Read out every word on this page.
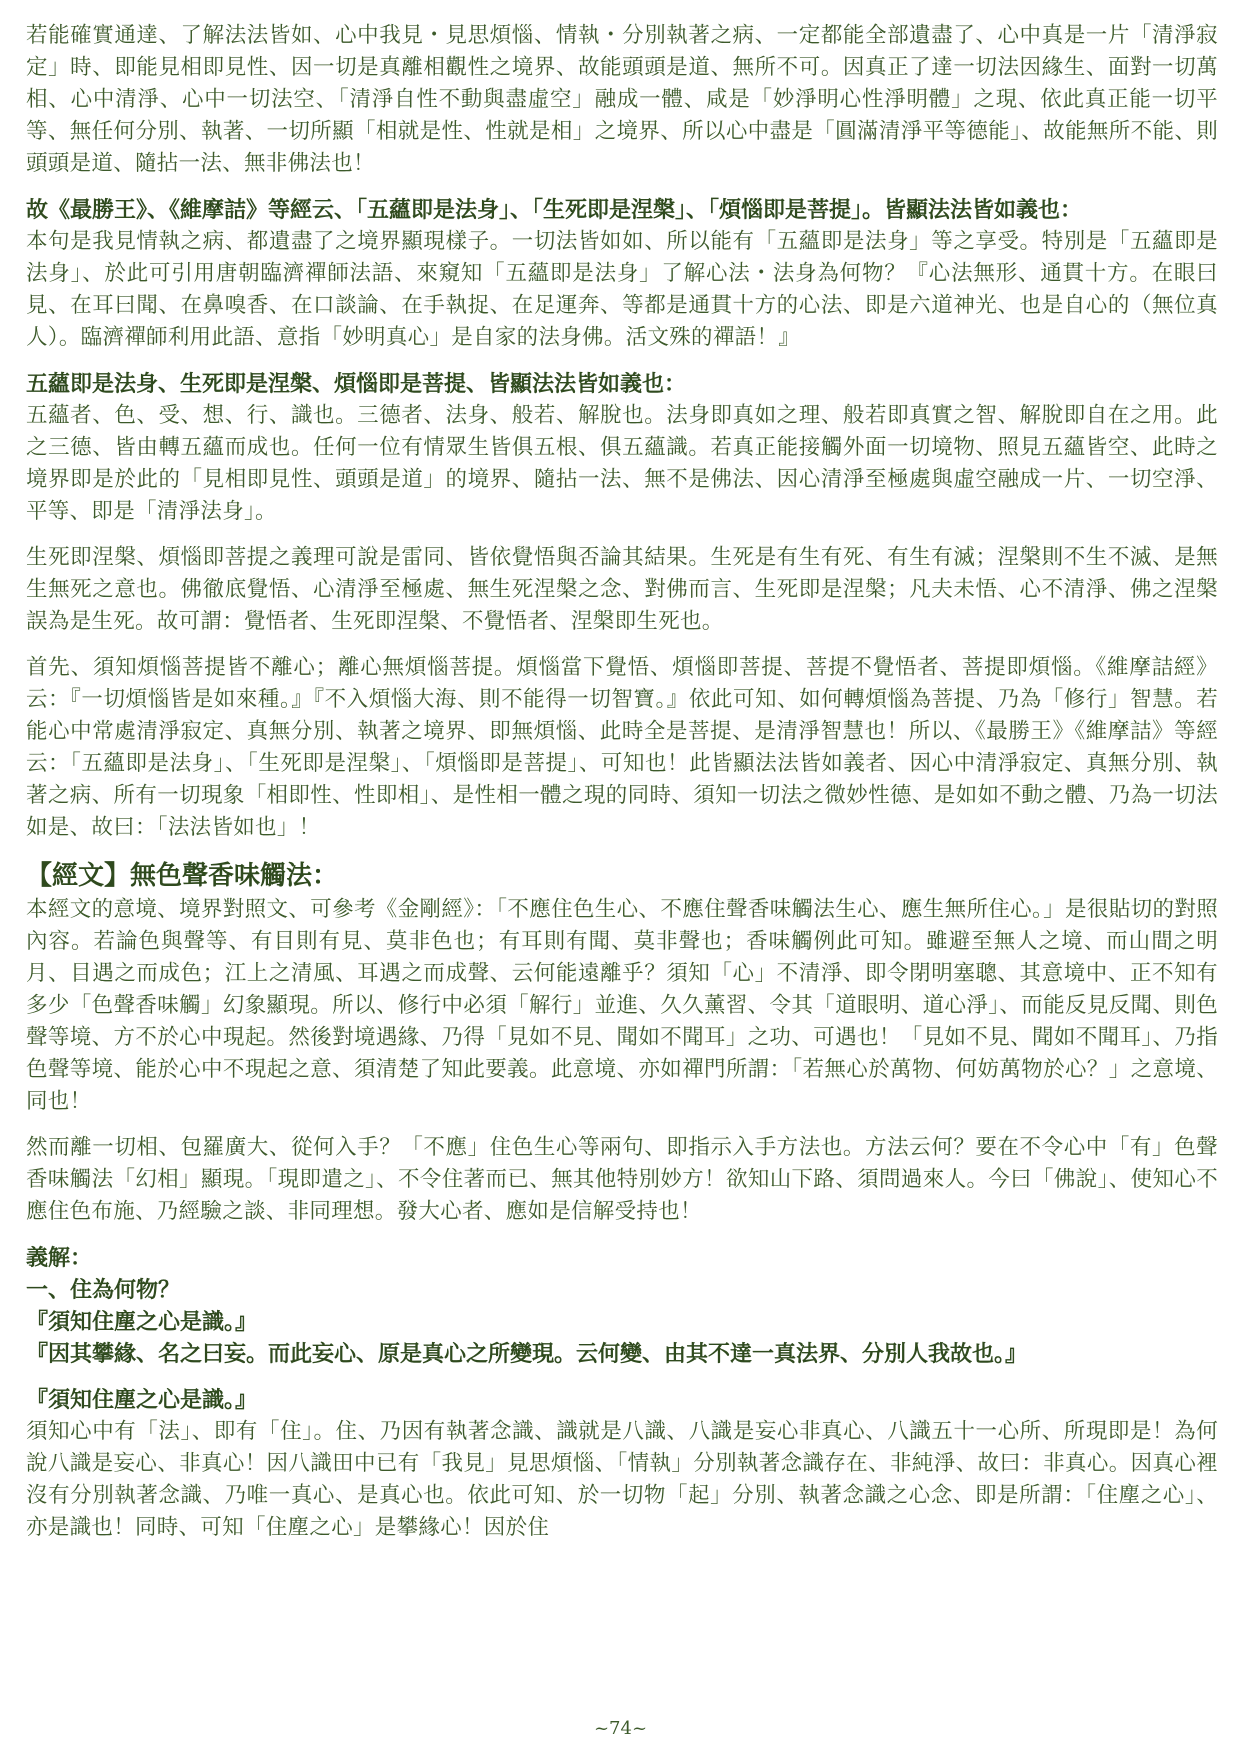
若能確實通達、了解法法皆如、心中我見・見思煩惱、情執・分別執著之病、一定都能全部遺盡了、心中真是一片「清淨寂定」時、即能見相即見性、因一切是真離相觀性之境界、故能頭頭是道、無所不可。因真正了達一切法因緣生、面對一切萬相、心中清淨、心中一切法空、「清淨自性不動與盡虛空」融成一體、咸是「妙淨明心性淨明體」之現、依此真正能一切平等、無任何分別、執著、一切所顯「相就是性、性就是相」之境界、所以心中盡是「圓滿清淨平等德能」、故能無所不能、則頭頭是道、隨拈一法、無非佛法也！

故《最勝王》、《維摩詰》等經云、「五蘊即是法身」、「生死即是涅槃」、「煩惱即是菩提」。皆顯法法皆如義也：

本句是我見情執之病、都遺盡了之境界顯現樣子。一切法皆如如、所以能有「五蘊即是法身」等之享受。特別是「五蘊即是法身」、於此可引用唐朝臨濟禪師法語、來窺知「五蘊即是法身」了解心法・法身為何物？『心法無形、通貫十方。在眼曰見、在耳曰聞、在鼻嗅香、在口談論、在手執捉、在足運奔、等都是通貫十方的心法、即是六道神光、也是自心的（無位真人）。臨濟禪師利用此語、意指「妙明真心」是自家的法身佛。活文殊的禪語！』

五蘊即是法身、生死即是涅槃、煩惱即是菩提、皆顯法法皆如義也：

五蘊者、色、受、想、行、識也。三德者、法身、般若、解脫也。法身即真如之理、般若即真實之智、解脫即自在之用。此之三德、皆由轉五蘊而成也。任何一位有情眾生皆俱五根、俱五蘊識。若真正能接觸外面一切境物、照見五蘊皆空、此時之境界即是於此的「見相即見性、頭頭是道」的境界、隨拈一法、無不是佛法、因心清淨至極處與虛空融成一片、一切空淨、平等、即是「清淨法身」。

生死即涅槃、煩惱即菩提之義理可說是雷同、皆依覺悟與否論其結果。生死是有生有死、有生有滅；涅槃則不生不滅、是無生無死之意也。佛徹底覺悟、心清淨至極處、無生死涅槃之念、對佛而言、生死即是涅槃；凡夫未悟、心不清淨、佛之涅槃誤為是生死。故可謂：覺悟者、生死即涅槃、不覺悟者、涅槃即生死也。

首先、須知煩惱菩提皆不離心；離心無煩惱菩提。煩惱當下覺悟、煩惱即菩提、菩提不覺悟者、菩提即煩惱。《維摩詰經》云：『一切煩惱皆是如來種。』『不入煩惱大海、則不能得一切智寶。』依此可知、如何轉煩惱為菩提、乃為「修行」智慧。若能心中常處清淨寂定、真無分別、執著之境界、即無煩惱、此時全是菩提、是清淨智慧也！所以、《最勝王》《維摩詰》等經云：「五蘊即是法身」、「生死即是涅槃」、「煩惱即是菩提」、可知也！此皆顯法法皆如義者、因心中清淨寂定、真無分別、執著之病、所有一切現象「相即性、性即相」、是性相一體之現的同時、須知一切法之微妙性德、是如如不動之體、乃為一切法如是、故曰：「法法皆如也」！

【經文】無色聲香味觸法：

本經文的意境、境界對照文、可參考《金剛經》：「不應住色生心、不應住聲香味觸法生心、應生無所住心。」是很貼切的對照內容。若論色與聲等、有目則有見、莫非色也；有耳則有聞、莫非聲也；香味觸例此可知。雖避至無人之境、而山間之明月、目遇之而成色；江上之清風、耳遇之而成聲、云何能遠離乎？須知「心」不清淨、即令閉明塞聰、其意境中、正不知有多少「色聲香味觸」幻象顯現。所以、修行中必須「解行」並進、久久薰習、令其「道眼明、道心淨」、而能反見反聞、則色聲等境、方不於心中現起。然後對境遇緣、乃得「見如不見、聞如不聞耳」之功、可遇也！「見如不見、聞如不聞耳」、乃指色聲等境、能於心中不現起之意、須清楚了知此要義。此意境、亦如禪門所謂：「若無心於萬物、何妨萬物於心？」之意境、同也！

然而離一切相、包羅廣大、從何入手？「不應」住色生心等兩句、即指示入手方法也。方法云何？要在不令心中「有」色聲香味觸法「幻相」顯現。「現即遣之」、不令住著而已、無其他特別妙方！欲知山下路、須問過來人。今曰「佛說」、使知心不應住色布施、乃經驗之談、非同理想。發大心者、應如是信解受持也！

義解：
一、住為何物？
『須知住塵之心是識。』
『因其攀緣、名之曰妄。而此妄心、原是真心之所變現。云何變、由其不達一真法界、分別人我故也。』
『須知住塵之心是識。』

須知心中有「法」、即有「住」。住、乃因有執著念識、識就是八識、八識是妄心非真心、八識五十一心所、所現即是！為何說八識是妄心、非真心！因八識田中已有「我見」見思煩惱、「情執」分別執著念識存在、非純淨、故曰：非真心。因真心裡沒有分別執著念識、乃唯一真心、是真心也。依此可知、於一切物「起」分別、執著念識之心念、即是所謂：「住塵之心」、亦是識也！同時、可知「住塵之心」是攀緣心！因於住

~74~
